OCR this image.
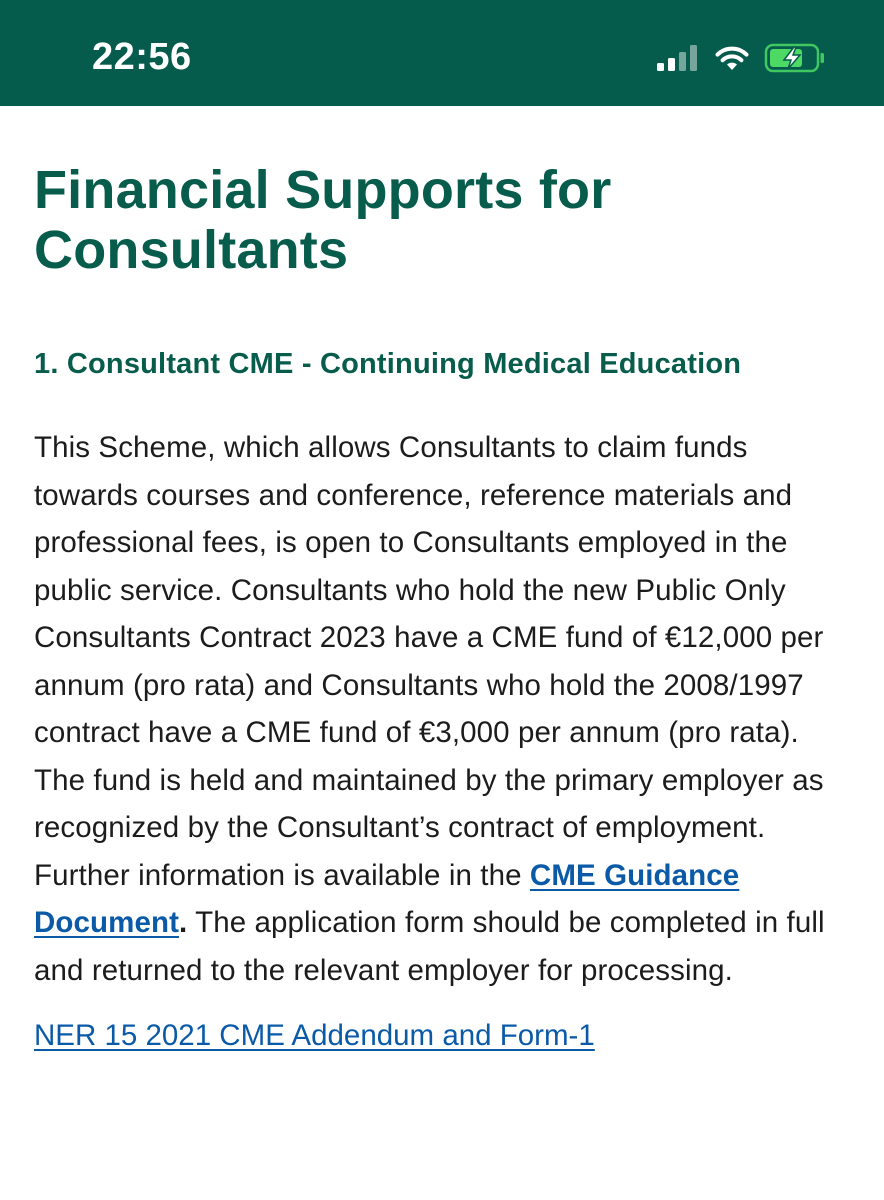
22:56
Financial Supports for Consultants
1. Consultant CME - Continuing Medical Education

This Scheme, which allows Consultants to claim funds towards courses and conference, reference materials and professional fees, is open to Consultants employed in the public service. Consultants who hold the new Public Only Consultants Contract 2023 have a CME fund of €12,000 per annum (pro rata) and Consultants who hold the 2008/1997 contract have a CME fund of €3,000 per annum (pro rata). The fund is held and maintained by the primary employer as recognized by the Consultant’s contract of employment. Further information is available in the CME Guidance Document. The application form should be completed in full and returned to the relevant employer for processing.

NER 15 2021 CME Addendum and Form-1
